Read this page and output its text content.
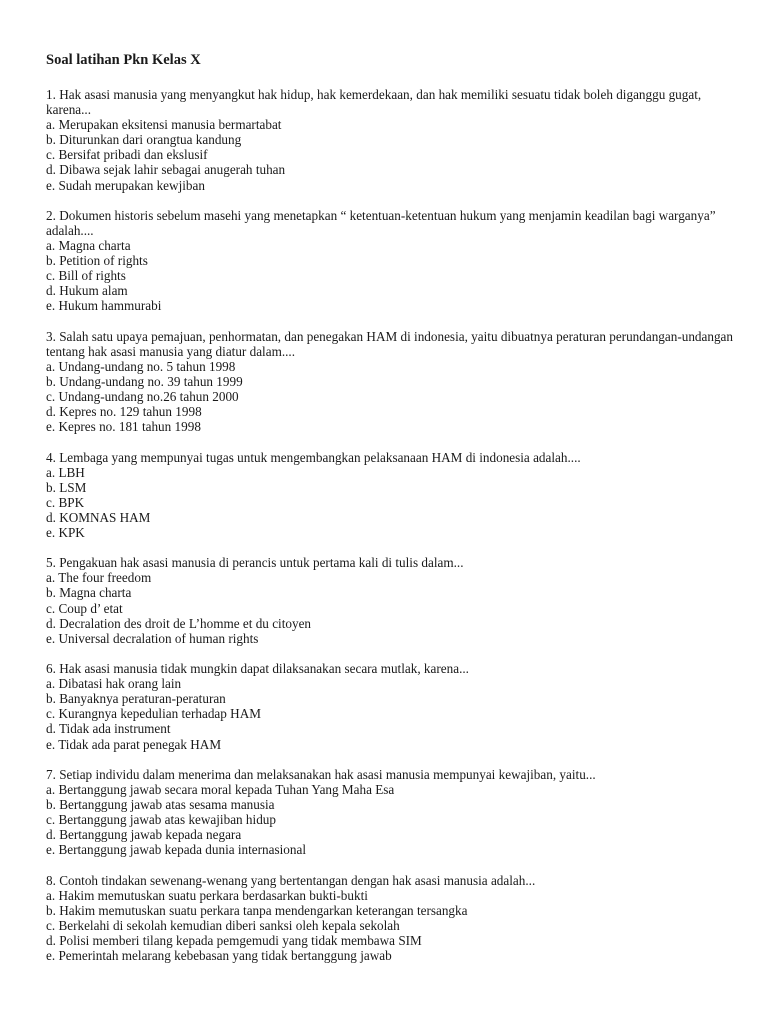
Soal latihan Pkn Kelas X

1. Hak asasi manusia yang menyangkut hak hidup, hak kemerdekaan, dan hak memiliki sesuatu tidak boleh diganggu gugat, karena...

a. Merupakan eksitensi manusia bermartabat
b. Diturunkan dari orangtua kandung
c. Bersifat pribadi dan ekslusif
d. Dibawa sejak lahir sebagai anugerah tuhan
e. Sudah merupakan kewjiban

2. Dokumen historis sebelum masehi yang menetapkan “ ketentuan-ketentuan hukum yang menjamin keadilan bagi warganya” adalah....

a. Magna charta
b. Petition of rights
c. Bill of rights
d. Hukum alam
e. Hukum hammurabi

3. Salah satu upaya pemajuan, penhormatan, dan penegakan HAM di indonesia, yaitu dibuatnya peraturan perundangan-undangan tentang hak asasi manusia yang diatur dalam....

a. Undang-undang no. 5 tahun 1998
b. Undang-undang no. 39 tahun 1999
c. Undang-undang no.26 tahun 2000
d. Kepres no. 129 tahun 1998
e. Kepres no. 181 tahun 1998

4. Lembaga yang mempunyai tugas untuk mengembangkan pelaksanaan HAM di indonesia adalah....

a. LBH
b. LSM
c. BPK
d. KOMNAS HAM
e. KPK

5. Pengakuan hak asasi manusia di perancis untuk pertama kali di tulis dalam...

a. The four freedom
b. Magna charta
c. Coup d’ etat
d. Decralation des droit de L’homme et du citoyen
e. Universal decralation of human rights

6. Hak asasi manusia tidak mungkin dapat dilaksanakan secara mutlak, karena...

a. Dibatasi hak orang lain
b. Banyaknya peraturan-peraturan
c. Kurangnya kepedulian terhadap HAM
d. Tidak ada instrument
e. Tidak ada parat penegak HAM

7. Setiap individu dalam menerima dan melaksanakan hak asasi manusia mempunyai kewajiban, yaitu...

a. Bertanggung jawab secara moral kepada Tuhan Yang Maha Esa
b. Bertanggung jawab atas sesama manusia
c. Bertanggung jawab atas kewajiban hidup
d. Bertanggung jawab kepada negara
e. Bertanggung jawab kepada dunia internasional

8. Contoh tindakan sewenang-wenang yang bertentangan dengan hak asasi manusia adalah...

a. Hakim memutuskan suatu perkara berdasarkan bukti-bukti
b. Hakim memutuskan suatu perkara tanpa mendengarkan keterangan tersangka
c. Berkelahi di sekolah kemudian diberi sanksi oleh kepala sekolah
d. Polisi memberi tilang kepada pemgemudi yang tidak membawa SIM
e. Pemerintah melarang kebebasan yang tidak bertanggung jawab
